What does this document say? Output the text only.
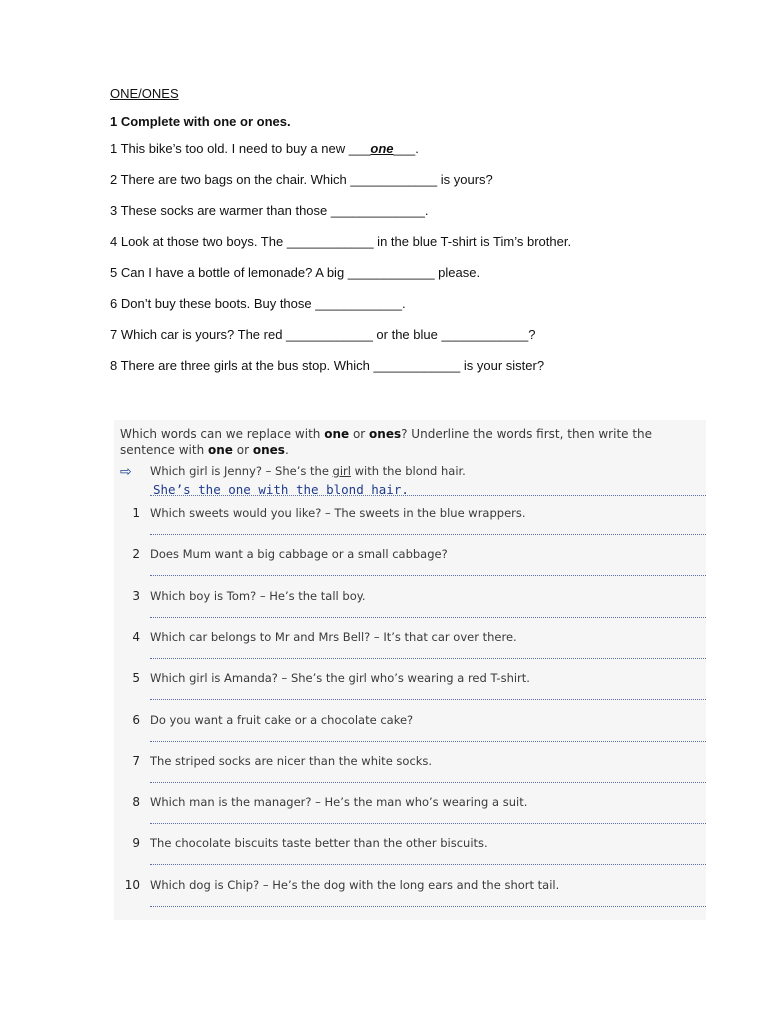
ONE/ONES

1 Complete with one or ones.

1 This bike’s too old. I need to buy a new ___one___.

2 There are two bags on the chair. Which ____________ is yours?

3 These socks are warmer than those _____________.

4 Look at those two boys. The ____________ in the blue T-shirt is Tim’s brother.

5 Can I have a bottle of lemonade? A big ____________ please.

6 Don’t buy these boots. Buy those ____________.

7 Which car is yours? The red ____________ or the blue ____________?

8 There are three girls at the bus stop. Which ____________ is your sister?

Which words can we replace with one or ones? Underline the words first, then write the sentence with one or ones.
⇨ Which girl is Jenny? – She’s the girl with the blond hair.
She’s the one with the blond hair.
1 Which sweets would you like? – The sweets in the blue wrappers.
2 Does Mum want a big cabbage or a small cabbage?
3 Which boy is Tom? – He’s the tall boy.
4 Which car belongs to Mr and Mrs Bell? – It’s that car over there.
5 Which girl is Amanda? – She’s the girl who’s wearing a red T-shirt.
6 Do you want a fruit cake or a chocolate cake?
7 The striped socks are nicer than the white socks.
8 Which man is the manager? – He’s the man who’s wearing a suit.
9 The chocolate biscuits taste better than the other biscuits.
10 Which dog is Chip? – He’s the dog with the long ears and the short tail.
